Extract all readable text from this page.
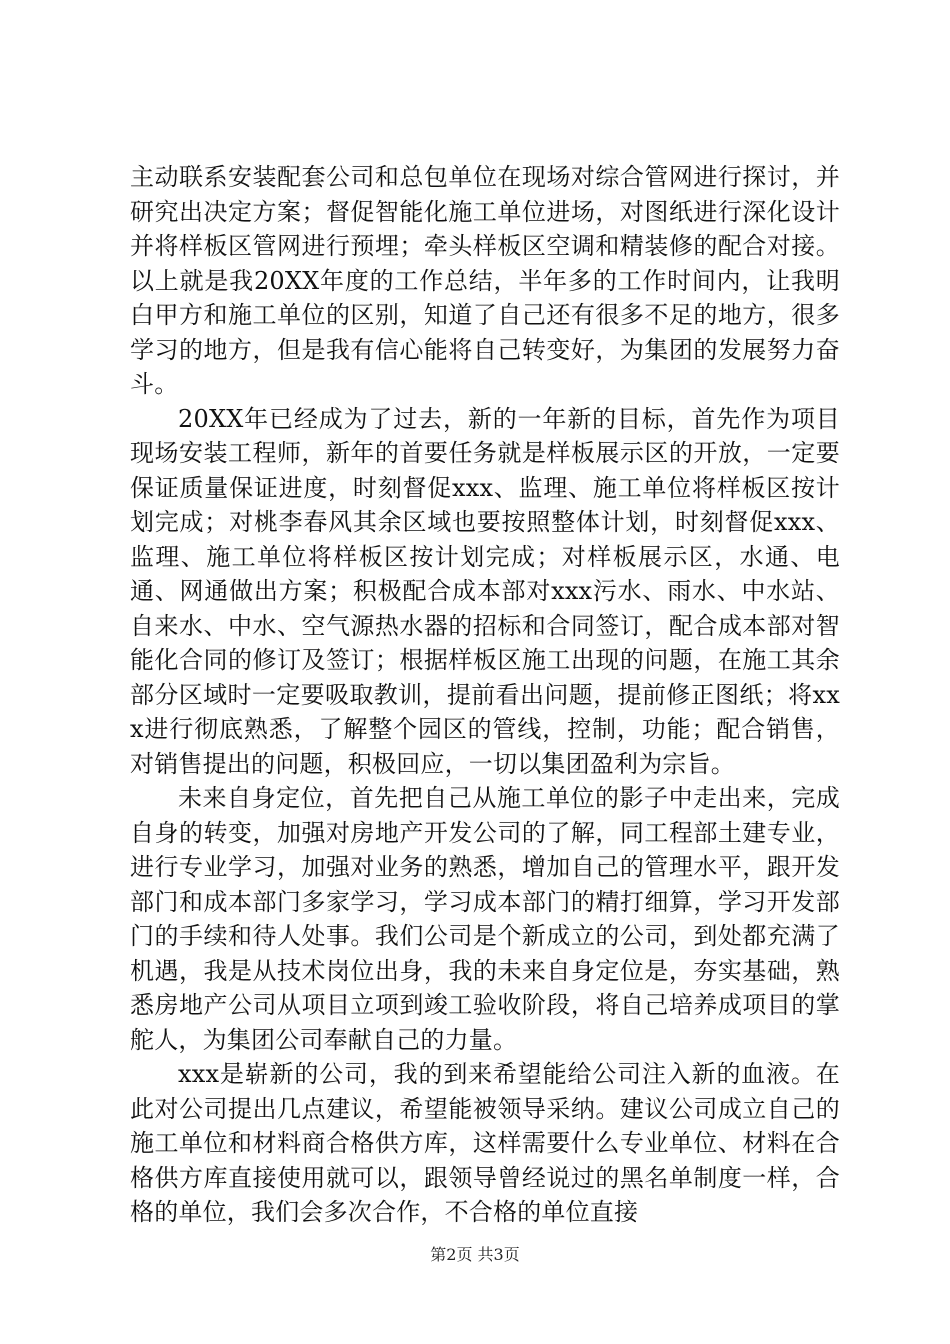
主动联系安装配套公司和总包单位在现场对综合管网进行探讨，并研究出决定方案；督促智能化施工单位进场，对图纸进行深化设计并将样板区管网进行预埋；牵头样板区空调和精装修的配合对接。以上就是我20XX年度的工作总结，半年多的工作时间内，让我明白甲方和施工单位的区别，知道了自己还有很多不足的地方，很多学习的地方，但是我有信心能将自己转变好，为集团的发展努力奋斗。

20XX年已经成为了过去，新的一年新的目标，首先作为项目现场安装工程师，新年的首要任务就是样板展示区的开放，一定要保证质量保证进度，时刻督促xxx、监理、施工单位将样板区按计划完成；对桃李春风其余区域也要按照整体计划，时刻督促xxx、监理、施工单位将样板区按计划完成；对样板展示区，水通、电通、网通做出方案；积极配合成本部对xxx污水、雨水、中水站、自来水、中水、空气源热水器的招标和合同签订，配合成本部对智能化合同的修订及签订；根据样板区施工出现的问题，在施工其余部分区域时一定要吸取教训，提前看出问题，提前修正图纸；将xxx进行彻底熟悉，了解整个园区的管线，控制，功能；配合销售，对销售提出的问题，积极回应，一切以集团盈利为宗旨。

未来自身定位，首先把自己从施工单位的影子中走出来，完成自身的转变，加强对房地产开发公司的了解，同工程部土建专业，进行专业学习，加强对业务的熟悉，增加自己的管理水平，跟开发部门和成本部门多家学习，学习成本部门的精打细算，学习开发部门的手续和待人处事。我们公司是个新成立的公司，到处都充满了机遇，我是从技术岗位出身，我的未来自身定位是，夯实基础，熟悉房地产公司从项目立项到竣工验收阶段，将自己培养成项目的掌舵人，为集团公司奉献自己的力量。

xxx是崭新的公司，我的到来希望能给公司注入新的血液。在此对公司提出几点建议，希望能被领导采纳。建议公司成立自己的施工单位和材料商合格供方库，这样需要什么专业单位、材料在合格供方库直接使用就可以，跟领导曾经说过的黑名单制度一样，合格的单位，我们会多次合作，不合格的单位直接

第2页 共3页
